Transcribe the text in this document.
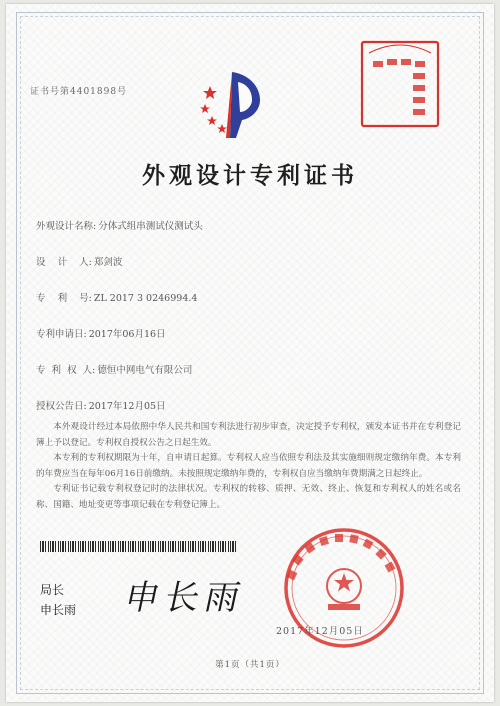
证书号第4401898号
外观设计专利证书
外观设计名称: 分体式组串测试仪测试头
设    计    人: 郑剑波
专    利    号: ZL 2017 3 0246994.4
专利申请日: 2017年06月16日
专  利  权  人: 德恒中网电气有限公司
授权公告日: 2017年12月05日

本外观设计经过本局依照中华人民共和国专利法进行初步审查，决定授予专利权，颁发本证书并在专利登记簿上予以登记。专利权自授权公告之日起生效。

本专利的专利权期限为十年，自申请日起算。专利权人应当依照专利法及其实施细则规定缴纳年费。本专利的年费应当在每年06月16日前缴纳。未按照规定缴纳年费的，专利权自应当缴纳年费期满之日起终止。

专利证书记载专利权登记时的法律状况。专利权的转移、质押、无效、终止、恢复和专利权人的姓名或名称、国籍、地址变更等事项记载在专利登记簿上。

局长
申长雨 申长雨
2017年12月05日
第1页（共1页）
